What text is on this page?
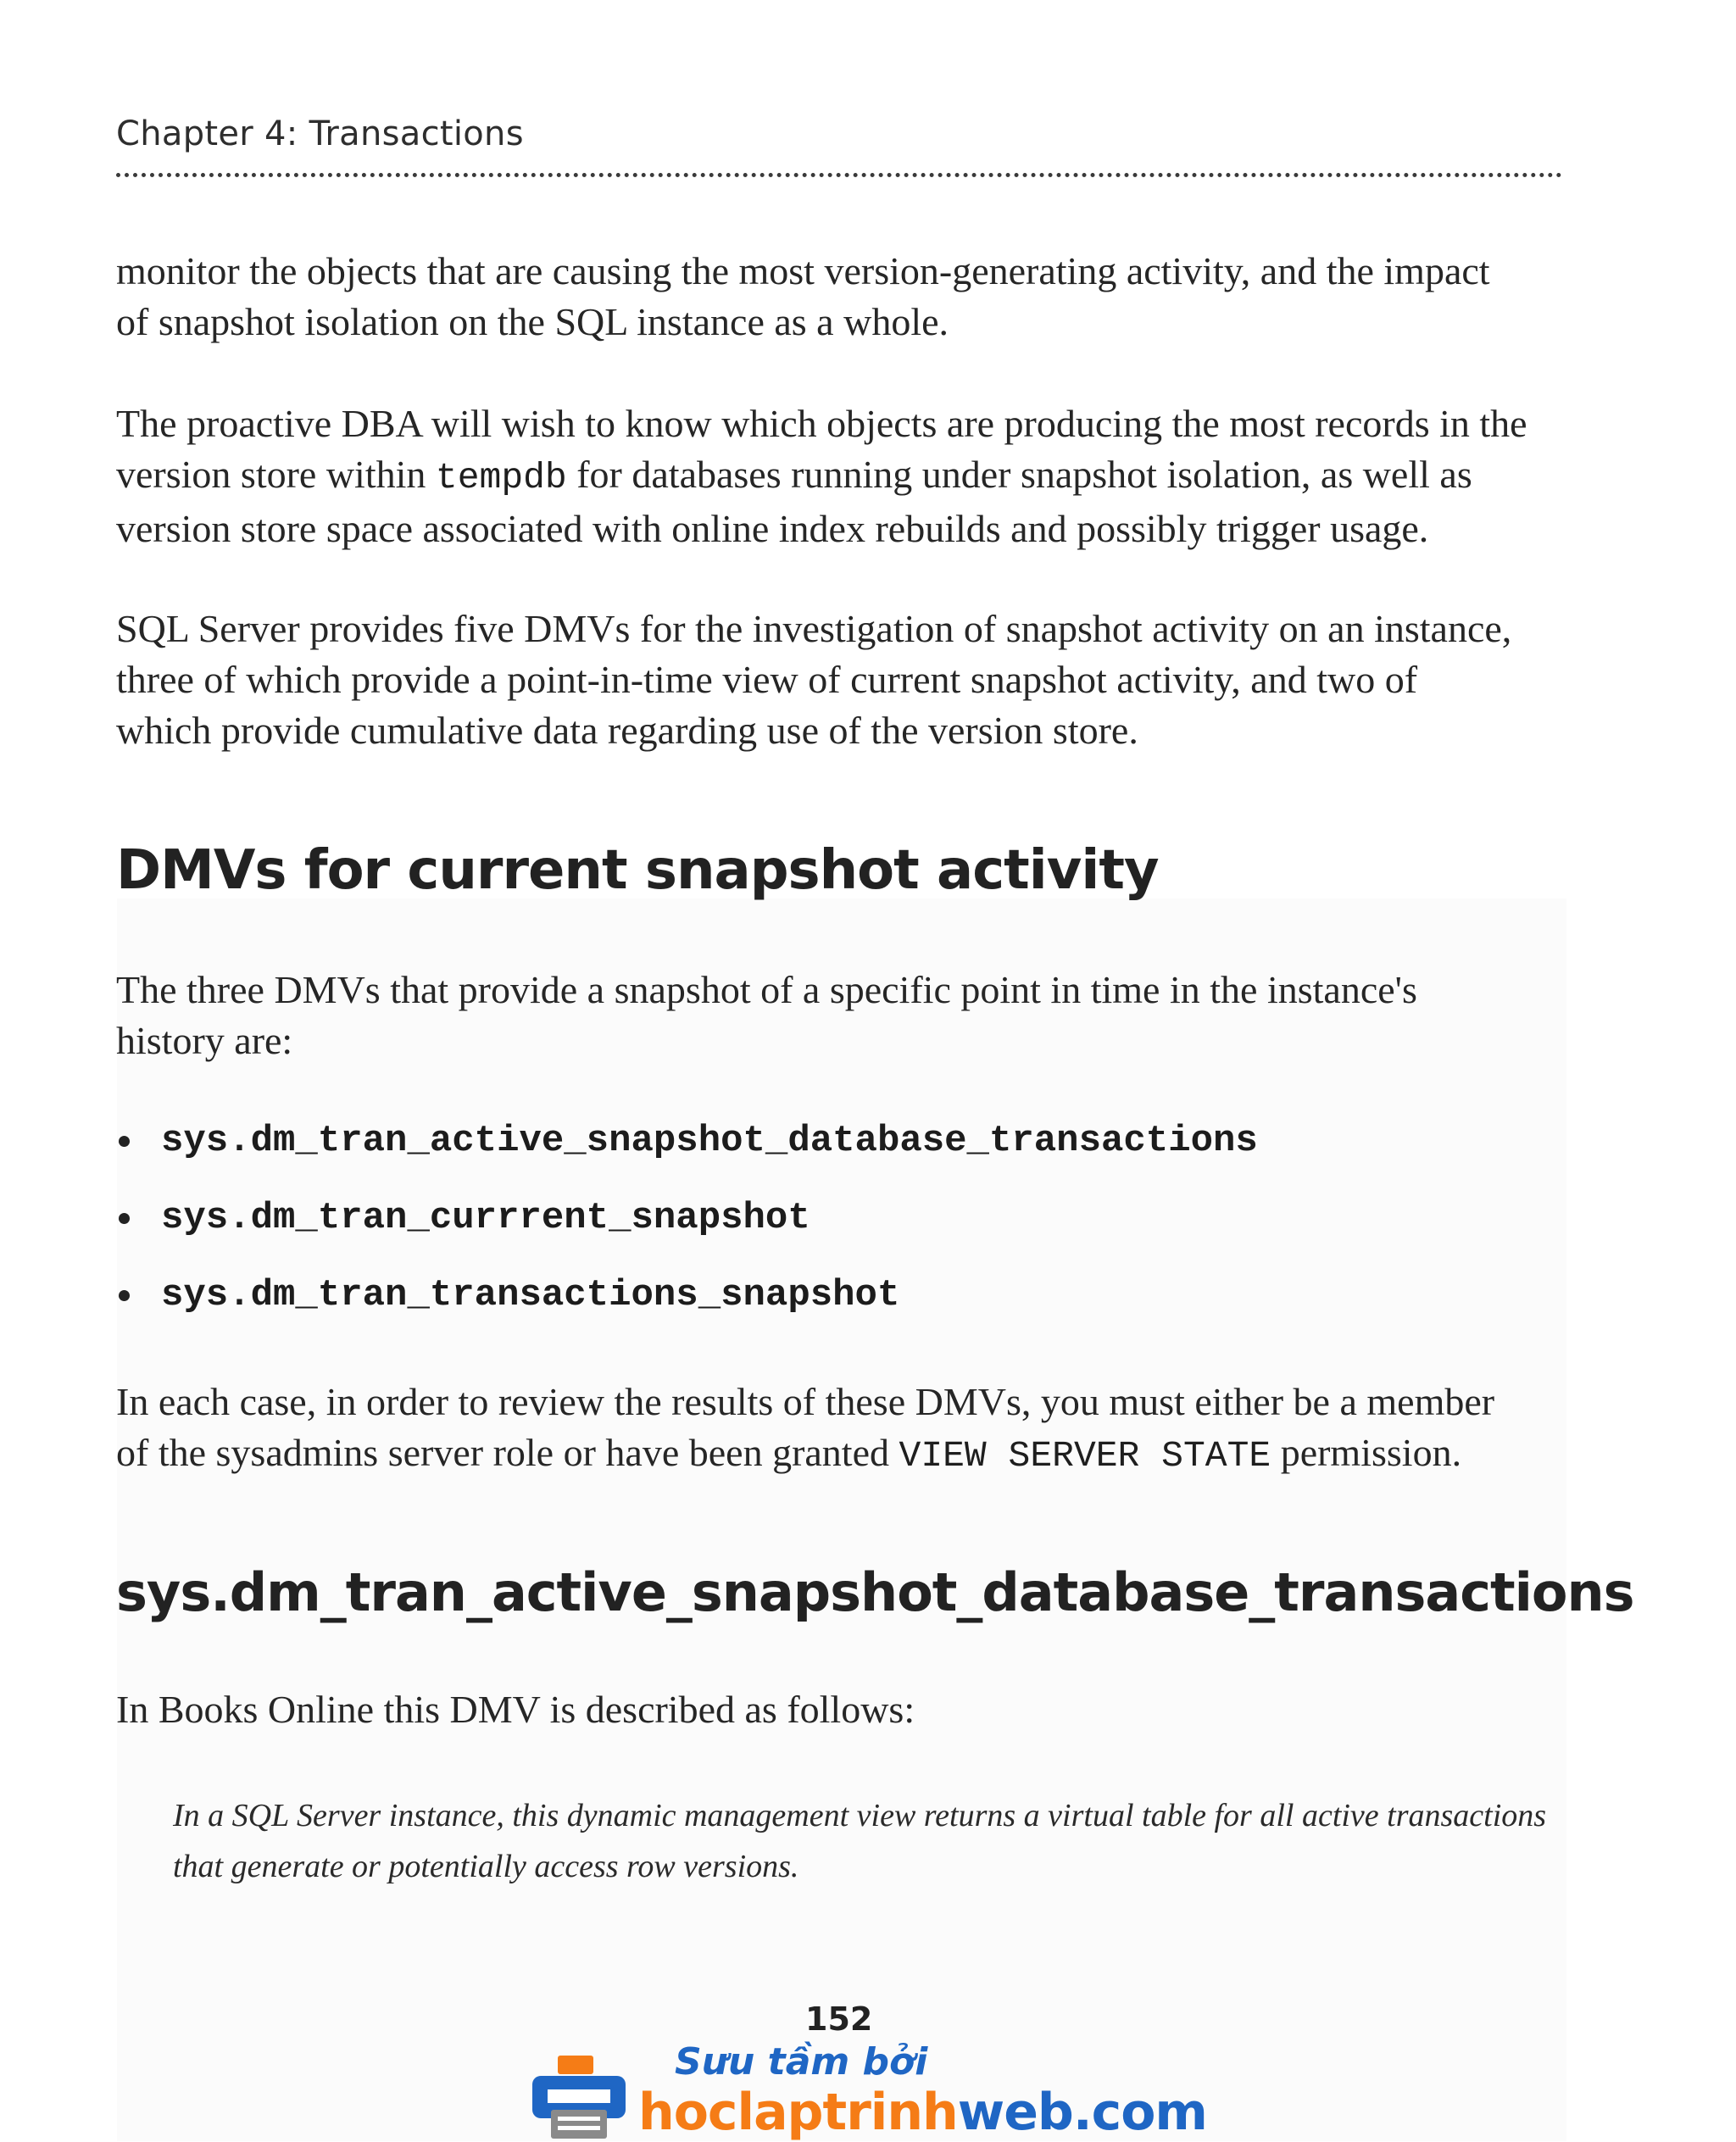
Chapter 4: Transactions

monitor the objects that are causing the most version-generating activity, and the impact
of snapshot isolation on the SQL instance as a whole.

The proactive DBA will wish to know which objects are producing the most records in the
version store within tempdb for databases running under snapshot isolation, as well as
version store space associated with online index rebuilds and possibly trigger usage.

SQL Server provides five DMVs for the investigation of snapshot activity on an instance,
three of which provide a point-in-time view of current snapshot activity, and two of
which provide cumulative data regarding use of the version store.

DMVs for current snapshot activity

The three DMVs that provide a snapshot of a specific point in time in the instance's
history are:

sys.dm_tran_active_snapshot_database_transactions
sys.dm_tran_currrent_snapshot
sys.dm_tran_transactions_snapshot

In each case, in order to review the results of these DMVs, you must either be a member
of the sysadmins server role or have been granted VIEW SERVER STATE permission.

sys.dm_tran_active_snapshot_database_transactions

In Books Online this DMV is described as follows:

In a SQL Server instance, this dynamic management view returns a virtual table for all active transactions
that generate or potentially access row versions.
152
Sưu tầm bởi
hoclaptrinhweb.com
